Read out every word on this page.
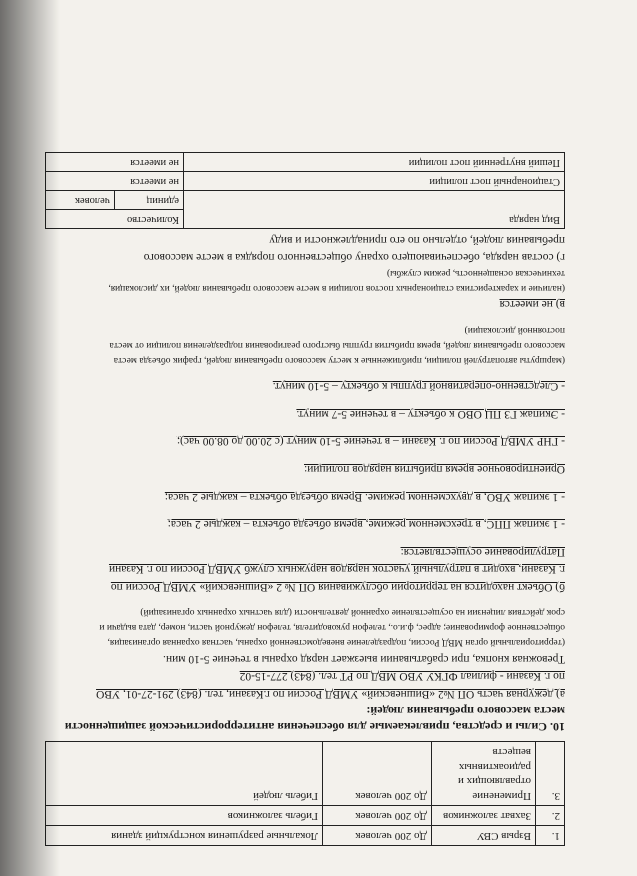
1.	Взрыв СВУ	До 200 человек	Локальные разрушения конструкций здания
2.	Захват заложников	До 200 человек	Гибель заложников
3.	Применение отравляющих и радиоактивных веществ	До 200 человек	Гибель людей
10. Силы и средства, привлекаемые для обеспечения антитеррористической защищенности места массового пребывания людей:
а) дежурная часть ОП №2 «Вишневский» УМВД России по г.Казани, тел. (843) 291-27-01, УВО
по г. Казани - филиал ФГКУ УВО МВД по РТ тел. (843) 277-15-02
Тревожная кнопка, при срабатывании выезжает наряд охраны в течение 5-10 мин.
(территориальный орган МВД России, подразделение вневедомственной охраны, частная охранная организация,
общественное формирование; адрес, ф.и.о., телефон руководителя, телефон дежурной части, номер, дата выдачи и
срок действия лицензии на осуществление охранной деятельности (для частных охранных организаций)
б) Объект находится на территории обслуживания ОП № 2 «Вишневский» УМВД России по
г. Казани, входит в патрульный участок нарядов наружных служб УМВД России по г. Казани
Патрулирование осуществляется:
- 1 экипаж ППС, в трехсменном режиме, время объезда объекта – каждые 2 часа;
- 1 экипаж УВО, в двухсменном режиме. Время объезда объекта – каждые 2 часа;
Ориентировочное время прибытия нарядов полиции:
- ГНР УМВД России по г. Казани – в течение 5-10 минут (с 20.00 до 08.00 час);
- Экипаж ГЗ ПЦ ОВО к объекту – в течение 5-7 минут.
- Следственно-оперативной группы к объекту – 5-10 минут.
(маршруты автопатрулей полиции, приближенные к месту массового пребывания людей, график объезда места
массового пребывания людей, время прибытия группы быстрого реагирования подразделения полиции от места
постоянной дислокации)
в) не имеется
(наличие и характеристика стационарных постов полиции в месте массового пребывания людей, их дислокация,
техническая оснащенность, режим службы)
г) состав наряда, обеспечивающего охрану общественного порядка в месте массового
пребывания людей, отдельно по его принадлежности и виду
Вид наряда	Количество	
	единиц	человек
Стационарный пост полиции	не имеется	
Пеший внутренний пост полиции	не имеется	
